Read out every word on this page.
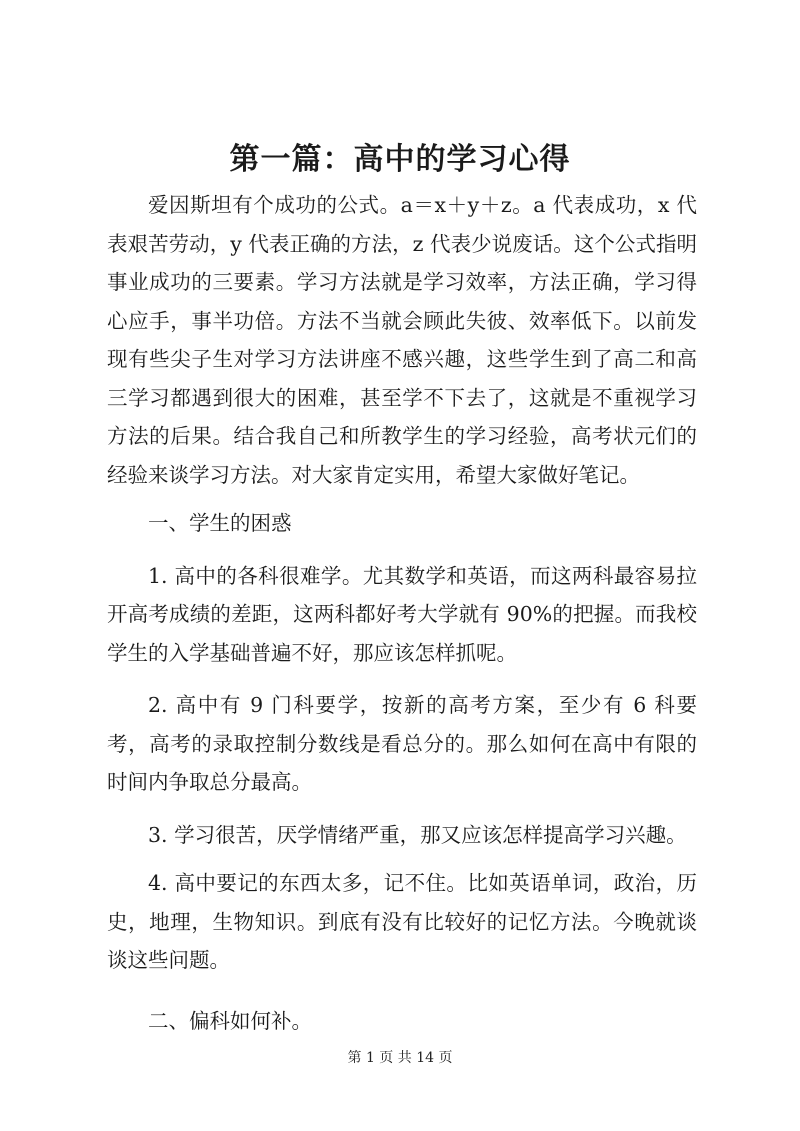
第一篇：高中的学习心得

爱因斯坦有个成功的公式。a＝x＋y＋z。a 代表成功，x 代表艰苦劳动，y 代表正确的方法，z 代表少说废话。这个公式指明事业成功的三要素。学习方法就是学习效率，方法正确，学习得心应手，事半功倍。方法不当就会顾此失彼、效率低下。以前发现有些尖子生对学习方法讲座不感兴趣，这些学生到了高二和高三学习都遇到很大的困难，甚至学不下去了，这就是不重视学习方法的后果。结合我自己和所教学生的学习经验，高考状元们的经验来谈学习方法。对大家肯定实用，希望大家做好笔记。

一、学生的困惑

1. 高中的各科很难学。尤其数学和英语，而这两科最容易拉开高考成绩的差距，这两科都好考大学就有 90%的把握。而我校学生的入学基础普遍不好，那应该怎样抓呢。

2. 高中有 9 门科要学，按新的高考方案，至少有 6 科要考，高考的录取控制分数线是看总分的。那么如何在高中有限的时间内争取总分最高。

3. 学习很苦，厌学情绪严重，那又应该怎样提高学习兴趣。

4. 高中要记的东西太多，记不住。比如英语单词，政治，历史，地理，生物知识。到底有没有比较好的记忆方法。今晚就谈谈这些问题。

二、偏科如何补。

第 1 页 共 14 页
